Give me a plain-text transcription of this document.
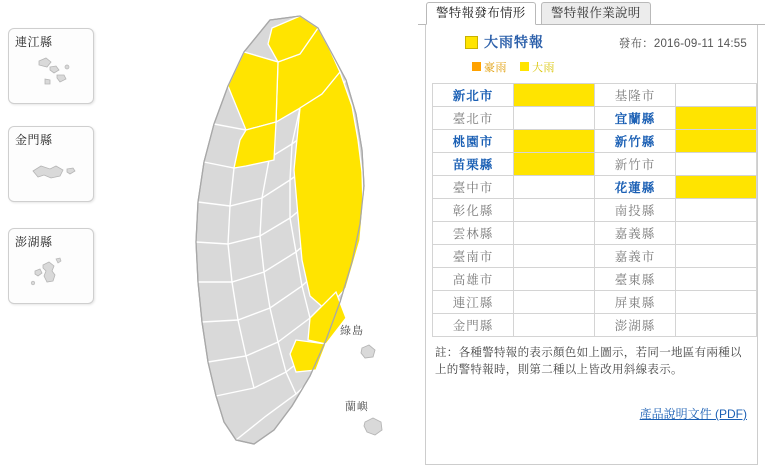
連江縣
金門縣
澎湖縣
綠島
蘭嶼
警特報發布情形	警特報作業說明
大雨特報	發布：2016-09-11 14:55
豪雨 大雨
新北市		基隆市	
臺北市		宜蘭縣	
桃園市		新竹縣	
苗栗縣		新竹市	
臺中市		花蓮縣	
彰化縣		南投縣	
雲林縣		嘉義縣	
臺南市		嘉義市	
高雄市		臺東縣	
連江縣		屏東縣	
金門縣		澎湖縣	
註：各種警特報的表示顏色如上圖示，若同一地區有兩種以上的警特報時，則第二種以上皆改用斜線表示。
產品說明文件 (PDF)
